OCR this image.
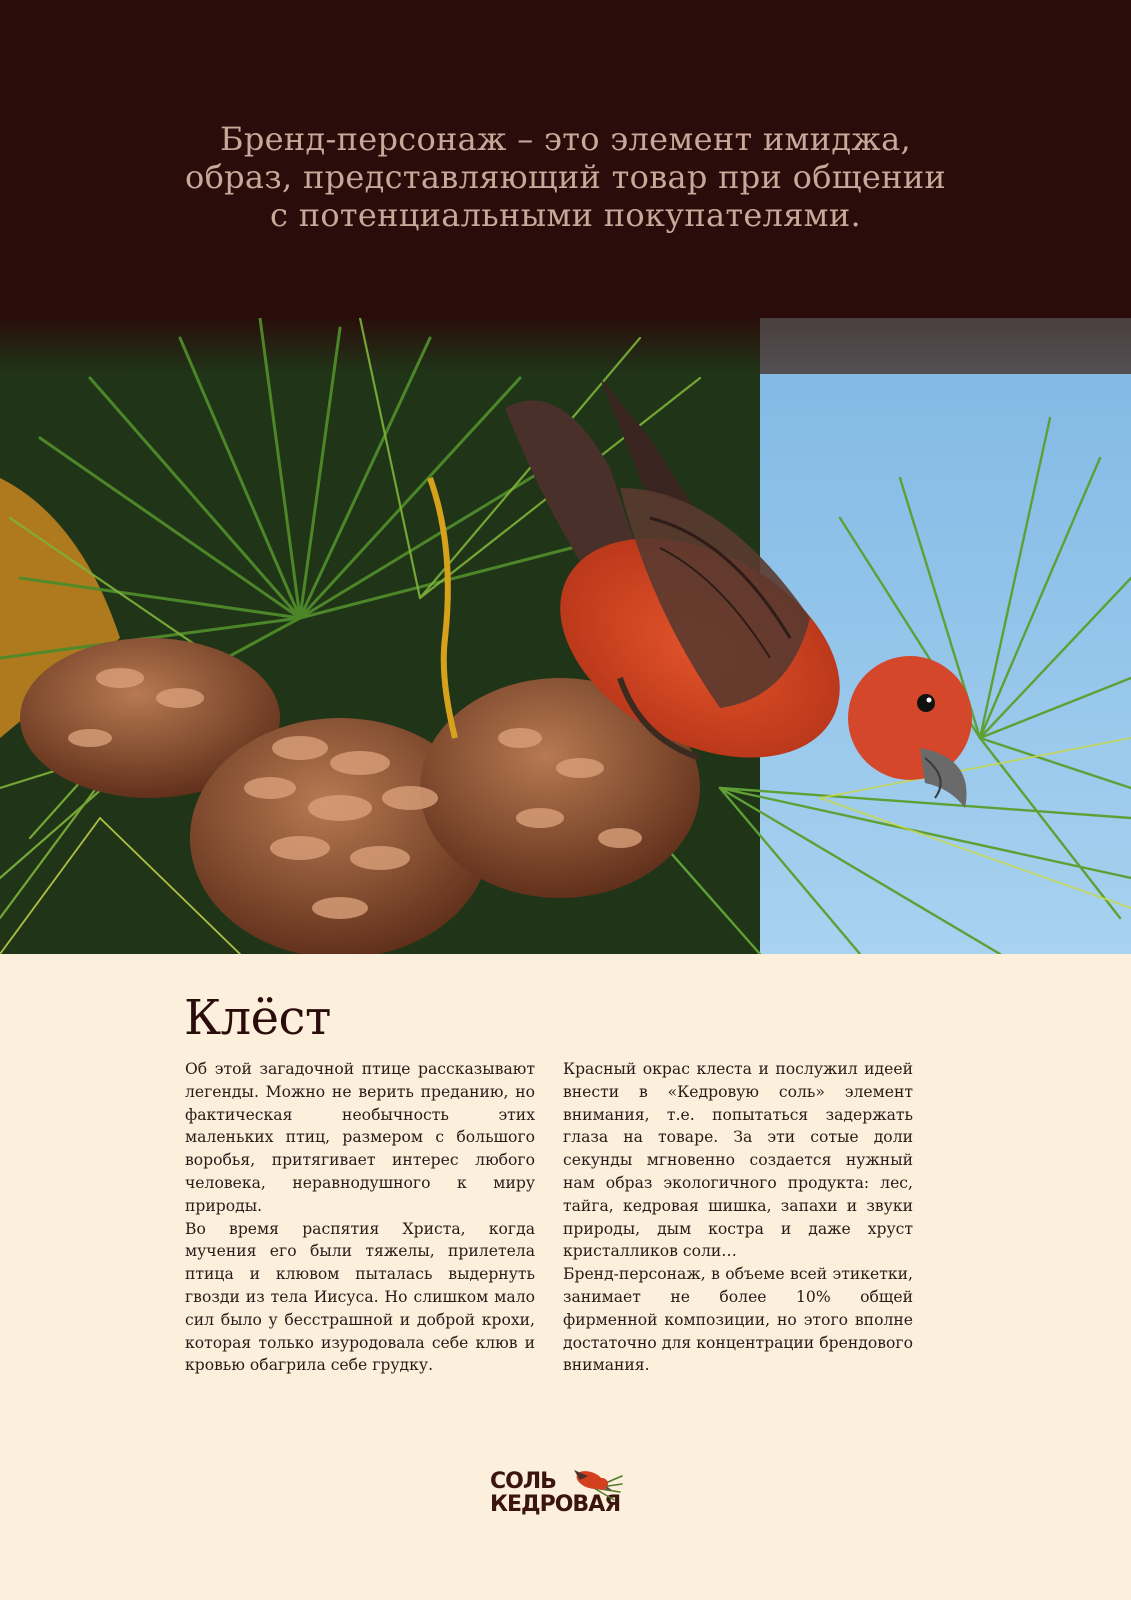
Бренд-персонаж – это элемент имиджа,
образ, представляющий товар при общении
с потенциальными покупателями.
Клёст

Об этой загадочной птице рассказывают легенды. Можно не верить преданию, но фактическая необычность этих маленьких птиц, размером с большого воробья, притягивает интерес любого человека, неравнодушного к миру природы.

Во время распятия Христа, когда мучения его были тяжелы, прилетела птица и клювом пыталась выдернуть гвозди из тела Иисуса. Но слишком мало сил было у бесстрашной и доброй крохи, которая только изуродовала себе клюв и кровью обагрила себе грудку.

Красный окрас клеста и послужил идеей внести в «Кедровую соль» элемент внимания, т.е. попытаться задержать глаза на товаре. За эти сотые доли секунды мгновенно создается нужный нам образ экологичного продукта: лес, тайга, кедровая шишка, запахи и звуки природы, дым костра и даже хруст кристалликов соли…

Бренд-персонаж, в объеме всей этикетки, занимает не более 10% общей фирменной композиции, но этого вполне достаточно для концентрации брендового внимания.

СОЛЬ
КЕДРОВАЯ
